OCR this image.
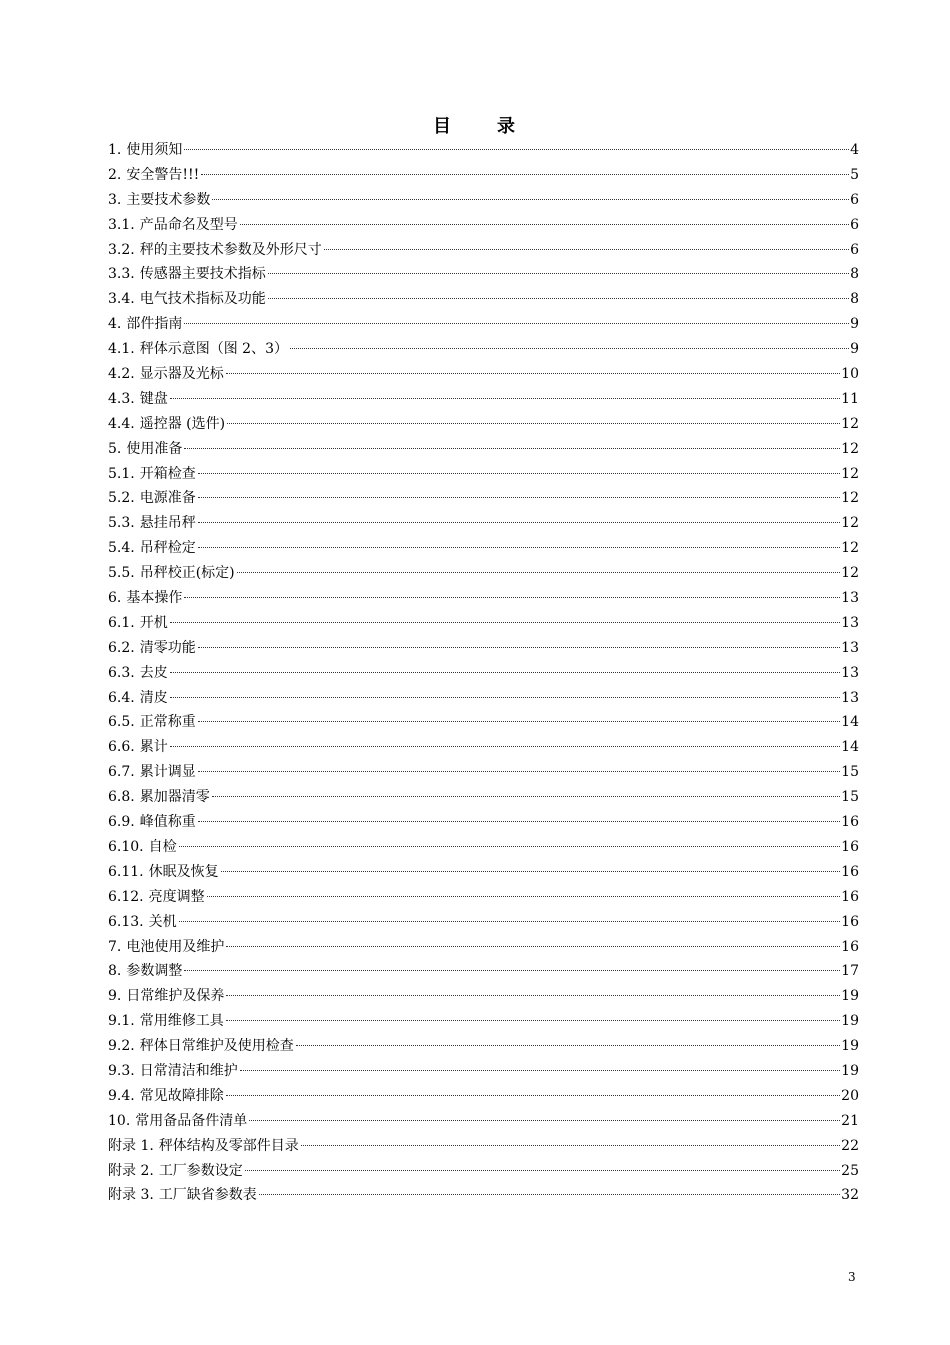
目 录
1. 使用须知	4
2. 安全警告!!!	5
3. 主要技术参数	6
3.1. 产品命名及型号	6
3.2. 秤的主要技术参数及外形尺寸	6
3.3. 传感器主要技术指标	8
3.4. 电气技术指标及功能	8
4. 部件指南	9
4.1. 秤体示意图（图 2、3）	9
4.2. 显示器及光标	10
4.3. 键盘	11
4.4. 遥控器 (选件)	12
5. 使用准备	12
5.1. 开箱检查	12
5.2. 电源准备	12
5.3. 悬挂吊秤	12
5.4. 吊秤检定	12
5.5. 吊秤校正(标定)	12
6. 基本操作	13
6.1. 开机	13
6.2. 清零功能	13
6.3. 去皮	13
6.4. 清皮	13
6.5. 正常称重	14
6.6. 累计	14
6.7. 累计调显	15
6.8. 累加器清零	15
6.9. 峰值称重	16
6.10. 自检	16
6.11. 休眠及恢复	16
6.12. 亮度调整	16
6.13. 关机	16
7. 电池使用及维护	16
8. 参数调整	17
9. 日常维护及保养	19
9.1. 常用维修工具	19
9.2. 秤体日常维护及使用检查	19
9.3. 日常清洁和维护	19
9.4. 常见故障排除	20
10. 常用备品备件清单	21
附录 1. 秤体结构及零部件目录	22
附录 2. 工厂参数设定	25
附录 3. 工厂缺省参数表	32
3
